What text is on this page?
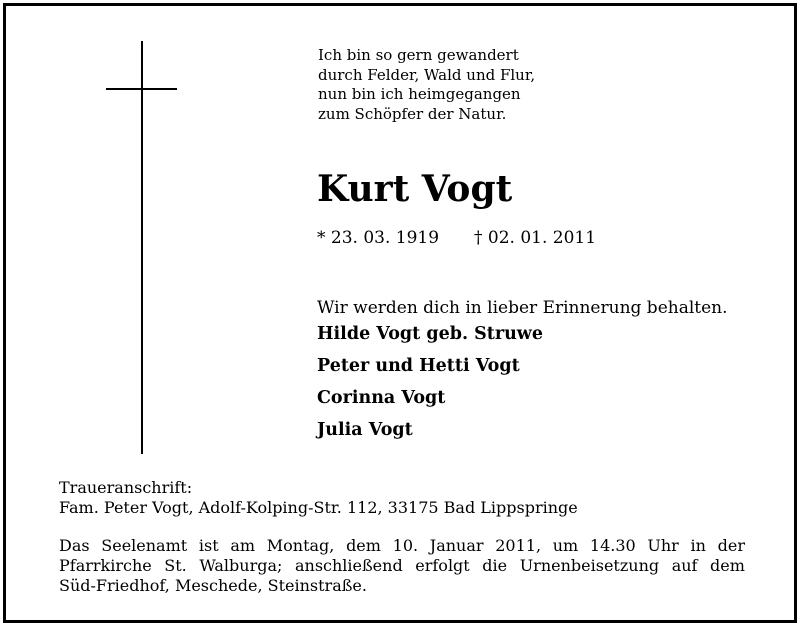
Ich bin so gern gewandert
durch Felder, Wald und Flur,
nun bin ich heimgegangen
zum Schöpfer der Natur.
Kurt Vogt
* 23. 03. 1919 † 02. 01. 2011
Wir werden dich in lieber Erinnerung behalten.
Hilde Vogt geb. Struwe
Peter und Hetti Vogt
Corinna Vogt
Julia Vogt
Traueranschrift:
Fam. Peter Vogt, Adolf-Kolping-Str. 112, 33175 Bad Lippspringe
Das Seelenamt ist am Montag, dem 10. Januar 2011, um 14.30 Uhr in der
Pfarrkirche St. Walburga; anschließend erfolgt die Urnenbeisetzung auf dem
Süd-Friedhof, Meschede, Steinstraße.
